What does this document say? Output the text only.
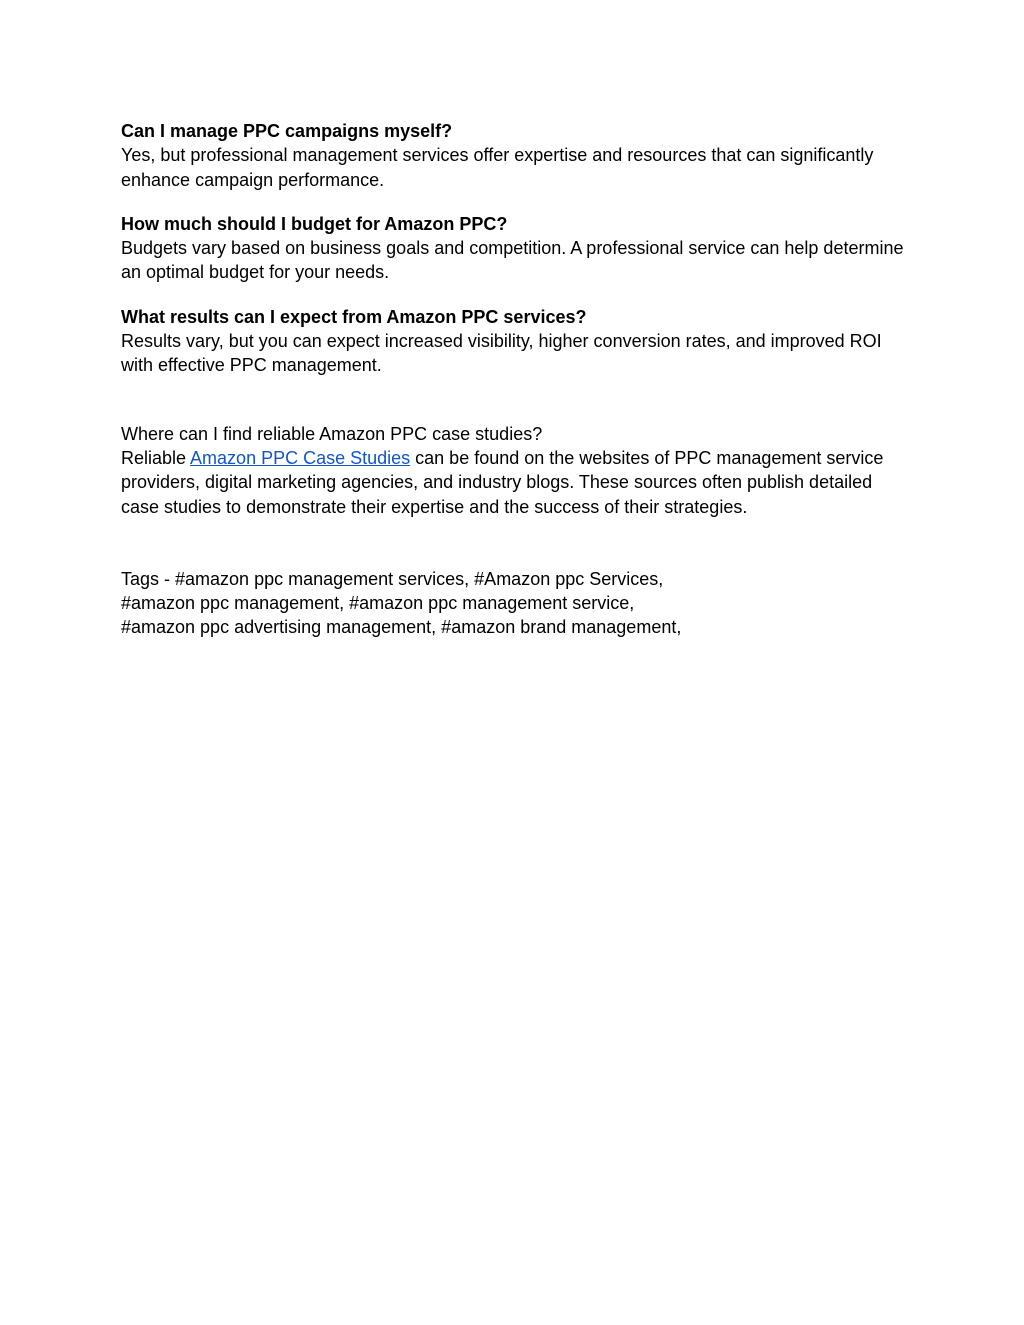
Can I manage PPC campaigns myself?
Yes, but professional management services offer expertise and resources that can significantly enhance campaign performance.
How much should I budget for Amazon PPC?
Budgets vary based on business goals and competition. A professional service can help determine an optimal budget for your needs.
What results can I expect from Amazon PPC services?
Results vary, but you can expect increased visibility, higher conversion rates, and improved ROI with effective PPC management.
Where can I find reliable Amazon PPC case studies?
Reliable Amazon PPC Case Studies can be found on the websites of PPC management service providers, digital marketing agencies, and industry blogs. These sources often publish detailed case studies to demonstrate their expertise and the success of their strategies.
Tags - #amazon ppc management services, #Amazon ppc Services,
#amazon ppc management, #amazon ppc management service,
#amazon ppc advertising management, #amazon brand management,
